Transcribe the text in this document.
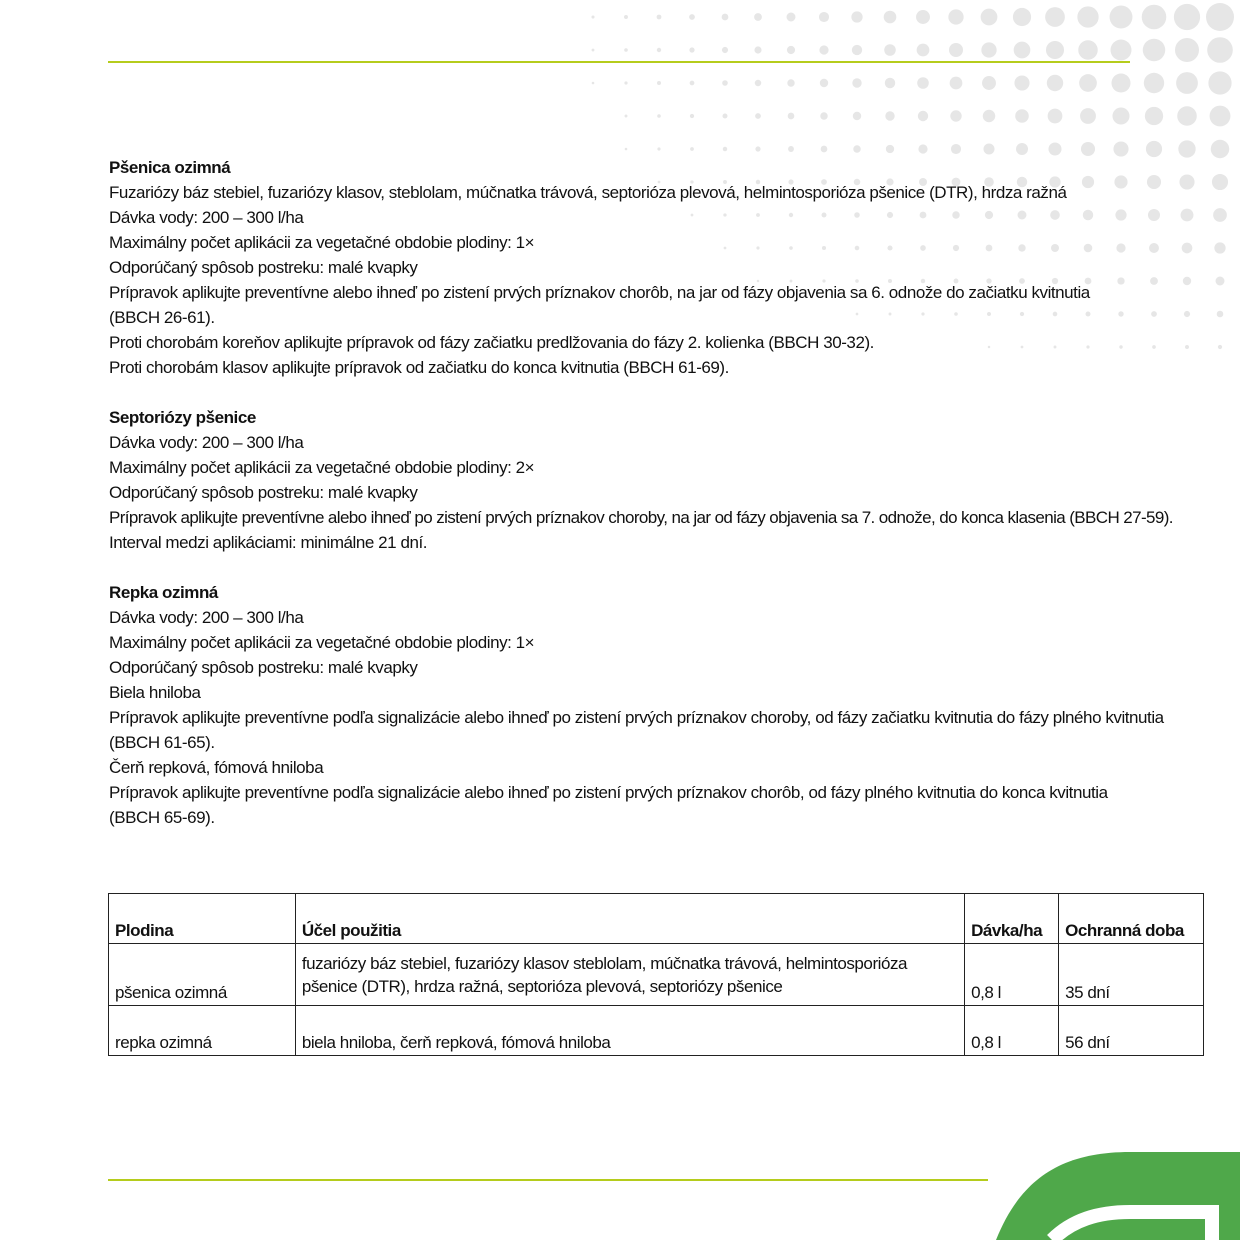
Pšenica ozimná
Fuzariózy báz stebiel, fuzariózy klasov, steblolam, múčnatka trávová, septorióza plevová, helmintosporióza pšenice (DTR), hrdza ražná
Dávka vody: 200 – 300 l/ha
Maximálny počet aplikácii za vegetačné obdobie plodiny: 1×
Odporúčaný spôsob postreku: malé kvapky
Prípravok aplikujte preventívne alebo ihneď po zistení prvých príznakov chorôb, na jar od fázy objavenia sa 6. odnože do začiatku kvitnutia
(BBCH 26-61).
Proti chorobám koreňov aplikujte prípravok od fázy začiatku predlžovania do fázy 2. kolienka (BBCH 30-32).
Proti chorobám klasov aplikujte prípravok od začiatku do konca kvitnutia (BBCH 61-69).
Septoriózy pšenice
Dávka vody: 200 – 300 l/ha
Maximálny počet aplikácii za vegetačné obdobie plodiny: 2×
Odporúčaný spôsob postreku: malé kvapky
Prípravok aplikujte preventívne alebo ihneď po zistení prvých príznakov choroby, na jar od fázy objavenia sa 7. odnože, do konca klasenia (BBCH 27-59).
Interval medzi aplikáciami: minimálne 21 dní.
Repka ozimná
Dávka vody: 200 – 300 l/ha
Maximálny počet aplikácii za vegetačné obdobie plodiny: 1×
Odporúčaný spôsob postreku: malé kvapky
Biela hniloba
Prípravok aplikujte preventívne podľa signalizácie alebo ihneď po zistení prvých príznakov choroby, od fázy začiatku kvitnutia do fázy plného kvitnutia
(BBCH 61-65).
Čerň repková, fómová hniloba
Prípravok aplikujte preventívne podľa signalizácie alebo ihneď po zistení prvých príznakov chorôb, od fázy plného kvitnutia do konca kvitnutia
(BBCH 65-69).
Plodina	Účel použitia	Dávka/ha	Ochranná doba
pšenica ozimná	fuzariózy báz stebiel, fuzariózy klasov steblolam, múčnatka trávová, helmintosporióza pšenice (DTR), hrdza ražná, septorióza plevová, septoriózy pšenice	0,8 l	35 dní
repka ozimná	biela hniloba, čerň repková, fómová hniloba	0,8 l	56 dní
